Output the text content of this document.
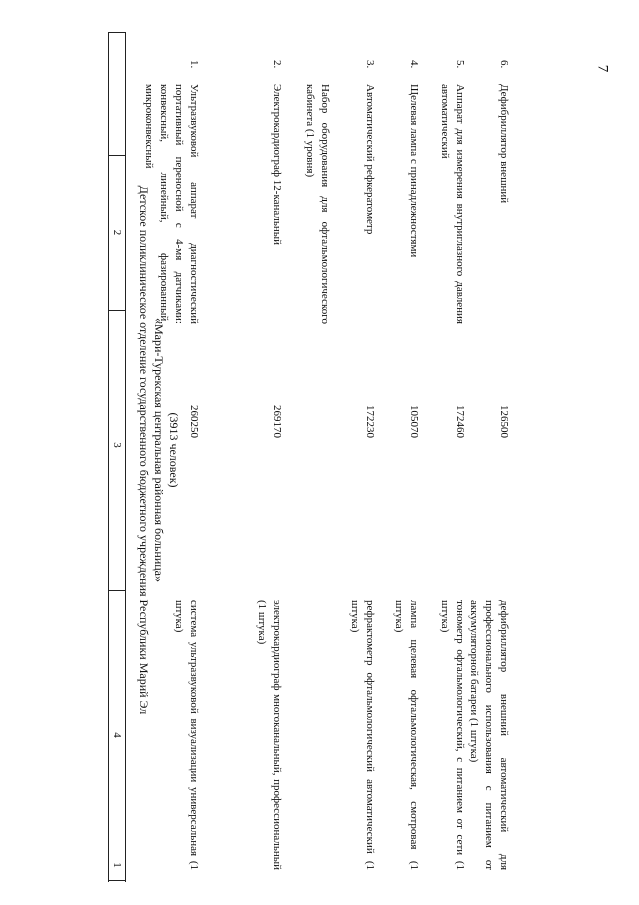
7
1
2
3
4
Детское поликлиническое отделение государственного бюджетного учреждения Республики Марий Эл «Мари-Турекская центральная районная больница» (3913 человек)
1.
Ультразвуковой аппарат диагностический портативный переносной с 4-мя датчиками: конвексный, линейный, фазированный, микроконвексный
260250
система ультразвуковой визуализации универсальная (1 штука)
2.
Электрокардиограф 12-канальный
269170
электрокардиограф многоканальный, профессиональный (1 штука)
Набор оборудования для офтальмологического кабинета (1 уровня)
3.
Автоматический рефкератометр
172230
рефрактометр офтальмологический автоматический (1 штука)
4.
Щелевая лампа с принадлежностями
105070
лампа щелевая офтальмологическая, смотровая (1 штука)
5.
Аппарат для измерения внутриглазного давления автоматический
172460
тонометр офтальмологический, с питанием от сети (1 штука)
6.
Дефибриллятор внешний
126500
дефибриллятор внешний автоматический для профессионального использования с питанием от аккумуляторной батареи (1 штука)
